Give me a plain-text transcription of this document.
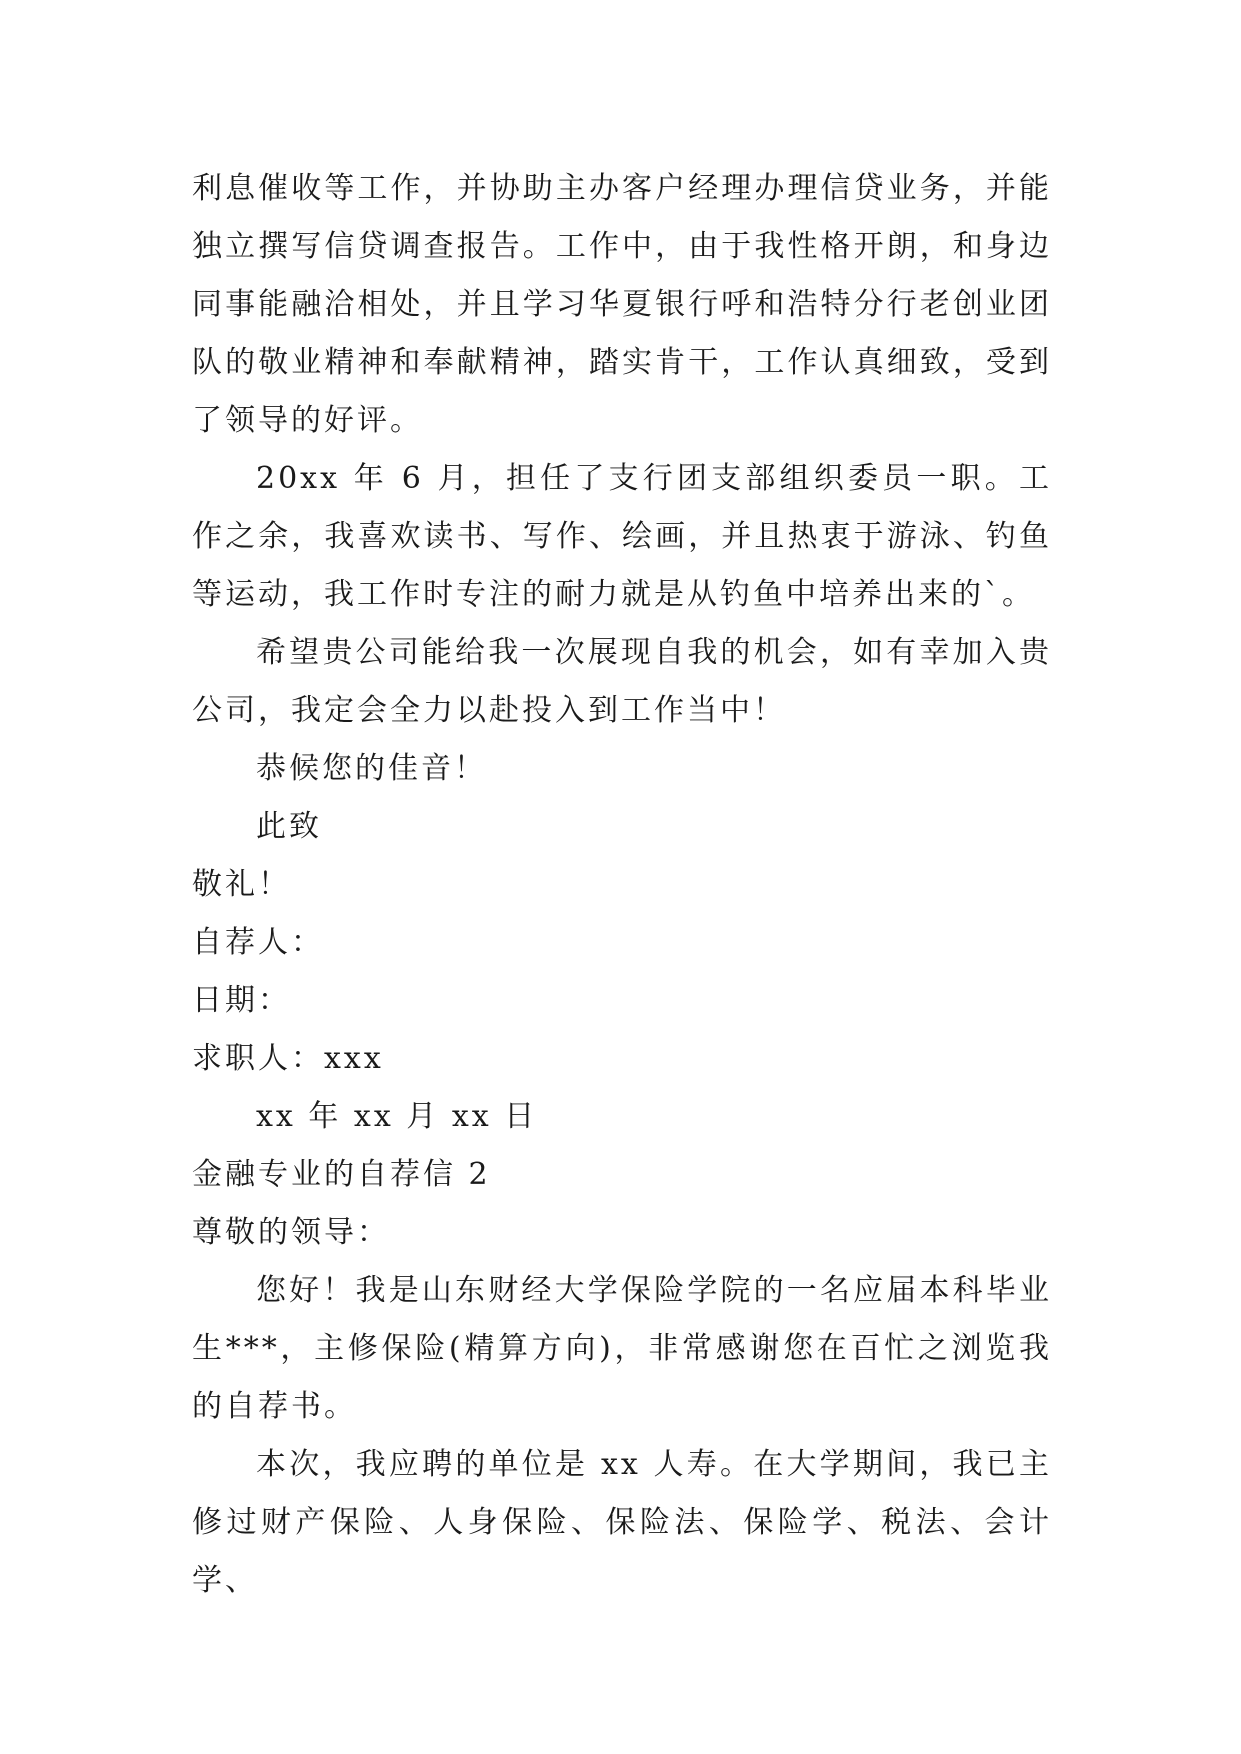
利息催收等工作，并协助主办客户经理办理信贷业务，并能独立撰写信贷调查报告。工作中，由于我性格开朗，和身边同事能融洽相处，并且学习华夏银行呼和浩特分行老创业团队的敬业精神和奉献精神，踏实肯干，工作认真细致，受到了领导的好评。

20xx 年 6 月，担任了支行团支部组织委员一职。工作之余，我喜欢读书、写作、绘画，并且热衷于游泳、钓鱼等运动，我工作时专注的耐力就是从钓鱼中培养出来的`。

希望贵公司能给我一次展现自我的机会，如有幸加入贵公司，我定会全力以赴投入到工作当中！

恭候您的佳音！
此致
敬礼！
自荐人：
日期：
求职人：xxx
xx 年 xx 月 xx 日
金融专业的自荐信 2
尊敬的领导：

您好！我是山东财经大学保险学院的一名应届本科毕业生***，主修保险(精算方向)，非常感谢您在百忙之浏览我的自荐书。

本次，我应聘的单位是 xx 人寿。在大学期间，我已主修过财产保险、人身保险、保险法、保险学、税法、会计学、
